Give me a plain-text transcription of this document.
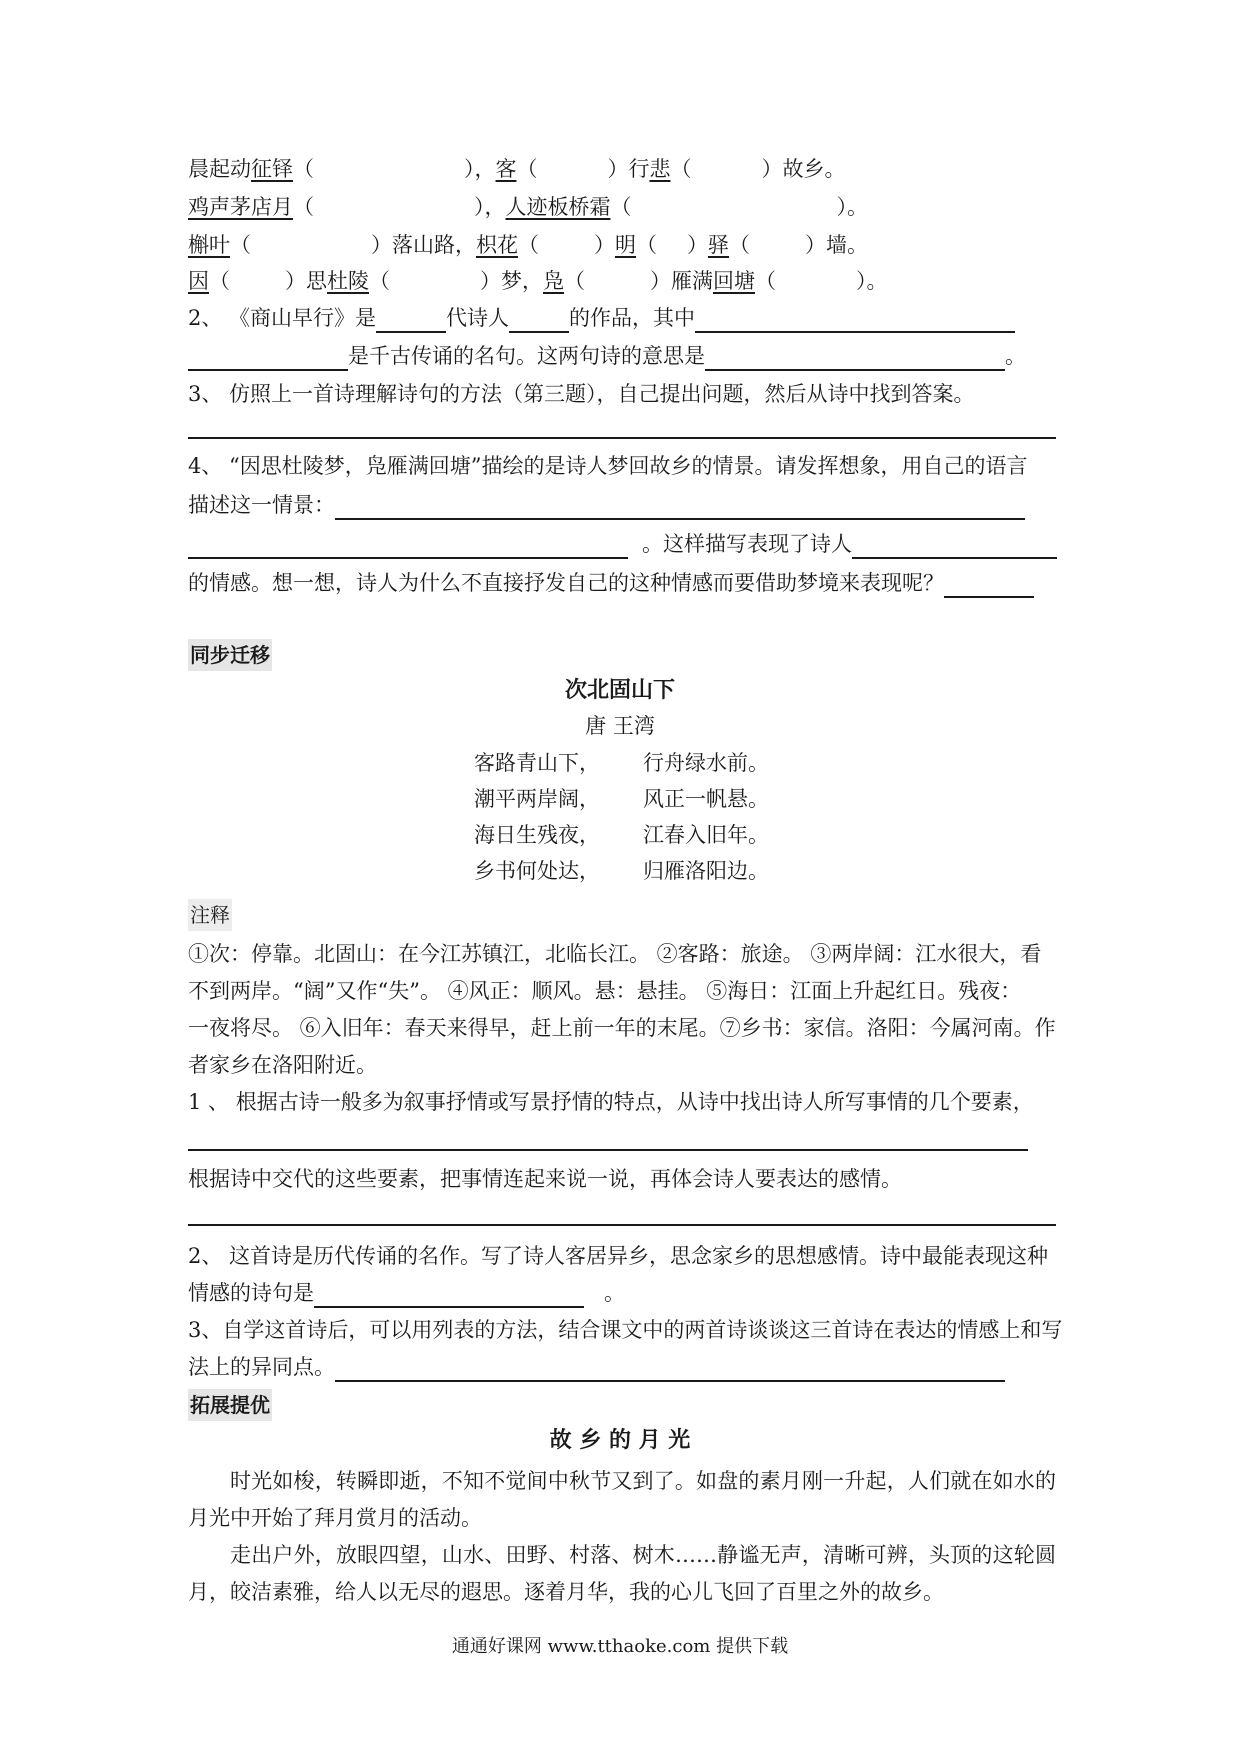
晨起动征铎（	），客（	）行悲（	）故乡。
鸡声茅店月（	），人迹板桥霜（	）。
槲叶（	）落山路，枳花（	）明（ ）驿（	）墙。
因（	）思杜陵（	）梦，凫（	）雁满回塘（	）。
2、 《商山早行》是	代诗人	的作品，其中
是千古传诵的名句。这两句诗的意思是	。
3、 仿照上一首诗理解诗句的方法（第三题），自己提出问题，然后从诗中找到答案。
4、 “因思杜陵梦，凫雁满回塘”描绘的是诗人梦回故乡的情景。请发挥想象，用自己的语言
描述这一情景：
。这样描写表现了诗人
的情感。想一想，诗人为什么不直接抒发自己的这种情感而要借助梦境来表现呢？
同步迁移
次北固山下
唐 王湾
客路青山下， 行舟绿水前。
潮平两岸阔， 风正一帆悬。
海日生残夜， 江春入旧年。
乡书何处达， 归雁洛阳边。
注释
①次：停靠。北固山：在今江苏镇江，北临长江。 ②客路：旅途。 ③两岸阔：江水很大，看
不到两岸。“阔”又作“失”。 ④风正：顺风。悬：悬挂。 ⑤海日：江面上升起红日。残夜：
一夜将尽。 ⑥入旧年：春天来得早，赶上前一年的末尾。⑦乡书：家信。洛阳：今属河南。作
者家乡在洛阳附近。
1 、 根据古诗一般多为叙事抒情或写景抒情的特点，从诗中找出诗人所写事情的几个要素，
根据诗中交代的这些要素，把事情连起来说一说，再体会诗人要表达的感情。
2、 这首诗是历代传诵的名作。写了诗人客居异乡，思念家乡的思想感情。诗中最能表现这种
情感的诗句是	。
3、自学这首诗后，可以用列表的方法，结合课文中的两首诗谈谈这三首诗在表达的情感上和写
法上的异同点。
拓展提优
故 乡 的 月 光
时光如梭，转瞬即逝，不知不觉间中秋节又到了。如盘的素月刚一升起，人们就在如水的月光中开始了拜月赏月的活动。
走出户外，放眼四望，山水、田野、村落、树木……静谧无声，清晰可辨，头顶的这轮圆月，皎洁素雅，给人以无尽的遐思。逐着月华，我的心儿飞回了百里之外的故乡。
通通好课网 www.tthaoke.com 提供下载
